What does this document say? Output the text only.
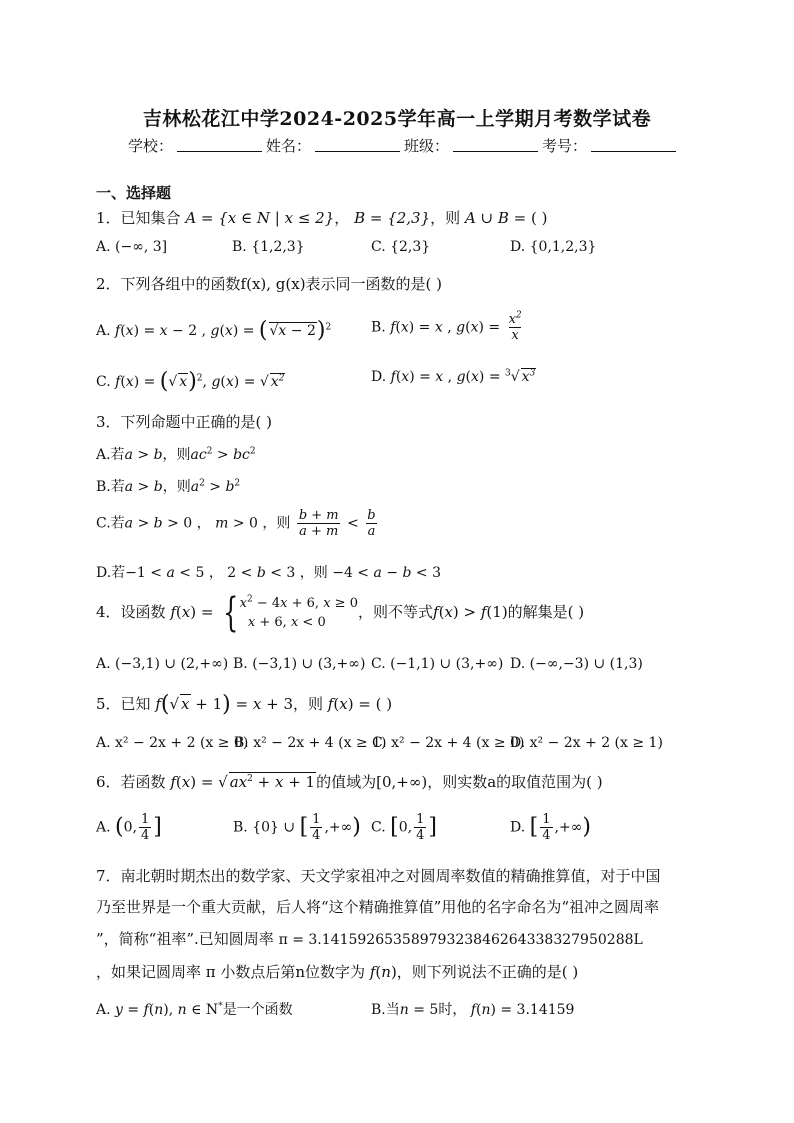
吉林松花江中学2024-2025学年高一上学期月考数学试卷
学校：	姓名：	班级：	考号：
一、选择题
1．已知集合 A = {x ∈ N | x ≤ 2}， B = {2,3}，则 A ∪ B = ( )
A. (−∞, 3]	B. {1,2,3}	C. {2,3}	D. {0,1,2,3}
2．下列各组中的函数f(x), g(x)表示同一函数的是( )
A. f(x) = x − 2 , g(x) = ( √x − 2)$^2$	B. f(x) = x , $g(x) = \frac{x^2}{x}$
C. f(x) = (√ x)$^2$, g(x) = √ $x^2$	D. f(x) = x , g(x) = $^3$√ $x^3$
3．下列命题中正确的是( )
A.若a > b，则$ac^2 > bc^2$
B.若a > b，则$a^2 > b^2$
C.若a > b > 0 ， m > 0 ，则 $\frac{b + m}{a + m} < \frac{b}{a}$
D.若−1 < a < 5 ， 2 < b < 3 ，则 −4 < a − b < 3
4．设函数 f(x) = { $x^2 - 4x + 6$, x ≥ 0
x + 6, x < 0
，则不等式f(x) > f(1)的解集是( )
A. (−3,1) ∪ (2,+∞) B. (−3,1) ∪ (3,+∞) C. (−1,1) ∪ (3,+∞) D. (−∞,−3) ∪ (1,3)
5．已知 f(√ x + 1) = x + 3，则 f(x) = ( )
A. x² − 2x + 2 (x ≥ 0)
B. x² − 2x + 4 (x ≥ 1)
C. x² − 2x + 4 (x ≥ 0)
D. x² − 2x + 2 (x ≥ 1)
6．若函数 f(x) = √ $ax^2 + x + 1$的值域为[0,+∞)，则实数a的取值范围为( )
A. (0, $\frac{1}{4}$ ]	B. {0} ∪ [ $\frac{1}{4}$ ,+∞) C. [0, $\frac{1}{4}$ ]	D. [ $\frac{1}{4}$ ,+∞)
7．南北朝时期杰出的数学家、天文学家祖冲之对圆周率数值的精确推算值，对于中国
乃至世界是一个重大贡献，后人将“这个精确推算值”用他的名字命名为“祖冲之圆周率
”，简称“祖率”.已知圆周率 π = 3.14159265358979323846264338327950288L
，如果记圆周率 π 小数点后第n位数字为 f(n)，则下列说法不正确的是( )
A. y = f(n), n ∈ N*是一个函数	B.当n = 5时， f(n) = 3.14159
